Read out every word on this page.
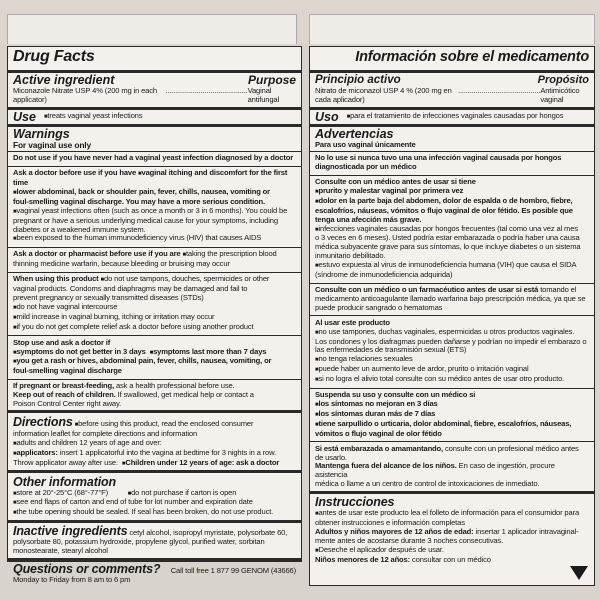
Drug Facts
Active ingredient	Purpose
Miconazole Nitrate USP 4% (200 mg in each applicator)
.......................................... Vaginal antifungal
Use	■ treats vaginal yeast infections
Warnings
For vaginal use only
Do not use if you have never had a vaginal yeast infection diagnosed by a doctor
Ask a doctor before use if you have ■ vaginal itching and discomfort for the first time
■ lower abdominal, back or shoulder pain, fever, chills, nausea, vomiting or
foul-smelling vaginal discharge. You may have a more serious condition.
■ vaginal yeast infections often (such as once a month or 3 in 6 months). You could be
pregnant or have a serious underlying medical cause for your symptoms, including
diabetes or a weakened immune system.
■ been exposed to the human immunodeficiency virus (HIV) that causes AIDS
Ask a doctor or pharmacist before use if you are ■ taking the prescription blood
thinning medicine warfarin, because bleeding or bruising may occur
When using this product ■ do not use tampons, douches, spermicides or other
vaginal products. Condoms and diaphragms may be damaged and fail to
prevent pregnancy or sexually transmitted diseases (STDs)
■ do not have vaginal intercourse
■ mild increase in vaginal burning, itching or irritation may occur
■ if you do not get complete relief ask a doctor before using another product
Stop use and ask a doctor if
■ symptoms do not get better in 3 days ■ symptoms last more than 7 days
■ you get a rash or hives, abdominal pain, fever, chills, nausea, vomiting, or
foul-smelling vaginal discharge
If pregnant or breast-feeding, ask a health professional before use.
Keep out of reach of children. If swallowed, get medical help or contact a
Poison Control Center right away.
Directions ■ before using this product, read the enclosed consumer
information leaflet for complete directions and information
■ adults and children 12 years of age and over:
■ applicators: insert 1 applicatorful into the vagina at bedtime for 3 nights in a row.
Throw applicator away after use. ■ Children under 12 years of age: ask a doctor
Other information
■ store at 20°-25°C (68°-77°F)	■ do not purchase if carton is open
■ see end flaps of carton and end of tube for lot number and expiration date
■ the tube opening should be sealed. If seal has been broken, do not use product.
Inactive ingredients cetyl alcohol, isopropyl myristate, polysorbate 60,
polysorbate 80, potassium hydroxide, propylene glycol, purified water, sorbitan
monostearate, stearyl alcohol
Questions or comments? Call toll free 1 877 99 GENOM (43666)
Monday to Friday from 8 am to 6 pm
Información sobre el medicamento
Principio activo	Propósito
Nitrato de miconazol USP 4 % (200 mg en cada aplicador)
.......................................... Antimicótico vaginal
Uso	■ para el tratamiento de infecciones vaginales causadas por hongos
Advertencias
Para uso vaginal únicamente
No lo use si nunca tuvo una una infección vaginal causada por hongos
diagnosticada por un médico
Consulte con un médico antes de usar si tiene
■ prurito y malestar vaginal por primera vez
■ dolor en la parte baja del abdomen, dolor de espalda o de hombro, fiebre,
escalofríos, náuseas, vómitos o flujo vaginal de olor fétido. Es posible que
tenga una afección más grave.
■ infecciones vaginales causadas por hongos frecuentes (tal como una vez al mes
o 3 veces en 6 meses). Usted podría estar embarazada o podría haber una causa
médica subyacente grave para sus síntomas, lo que incluye diabetes o un sistema
inmunitario debilitado.
■ estuvo expuesta al virus de inmunodeficiencia humana (VIH) que causa el SIDA
(síndrome de inmunodeficiencia adquirida)
Consulte con un médico o un farmacéutico antes de usar si está tomando el
medicamento anticoagulante llamado warfarina bajo prescripción médica, ya que se
puede producir sangrado o hematomas
Al usar este producto
■ no use tampones, duchas vaginales, espermicidas u otros productos vaginales.
Los condones y los diafragmas pueden dañarse y podrían no impedir el embarazo o
las enfermedades de transmisión sexual (ETS)
■ no tenga relaciones sexuales
■ puede haber un aumento leve de ardor, prurito o irritación vaginal
■ si no logra el alivio total consulte con su médico antes de usar otro producto.
Suspenda su uso y consulte con un médico si
■ los síntomas no mejoran en 3 días
■ los síntomas duran más de 7 días
■ tiene sarpullido o urticaria, dolor abdominal, fiebre, escalofríos, náuseas,
vómitos o flujo vaginal de olor fétido
Si está embarazada o amamantando, consulte con un profesional médico antes
de usarlo.
Mantenga fuera del alcance de los niños. En caso de ingestión, procure asistencia
médica o llame a un centro de control de intoxicaciones de inmediato.
Instrucciones
■ antes de usar este producto lea el folleto de información para el consumidor para
obtener instrucciones e información completas
Adultos y niños mayores de 12 años de edad: insertar 1 aplicador intravaginal-
mente antes de acostarse durante 3 noches consecutivas.
■ Deseche el aplicador después de usar.
Niños menores de 12 años: consultar con un médico
